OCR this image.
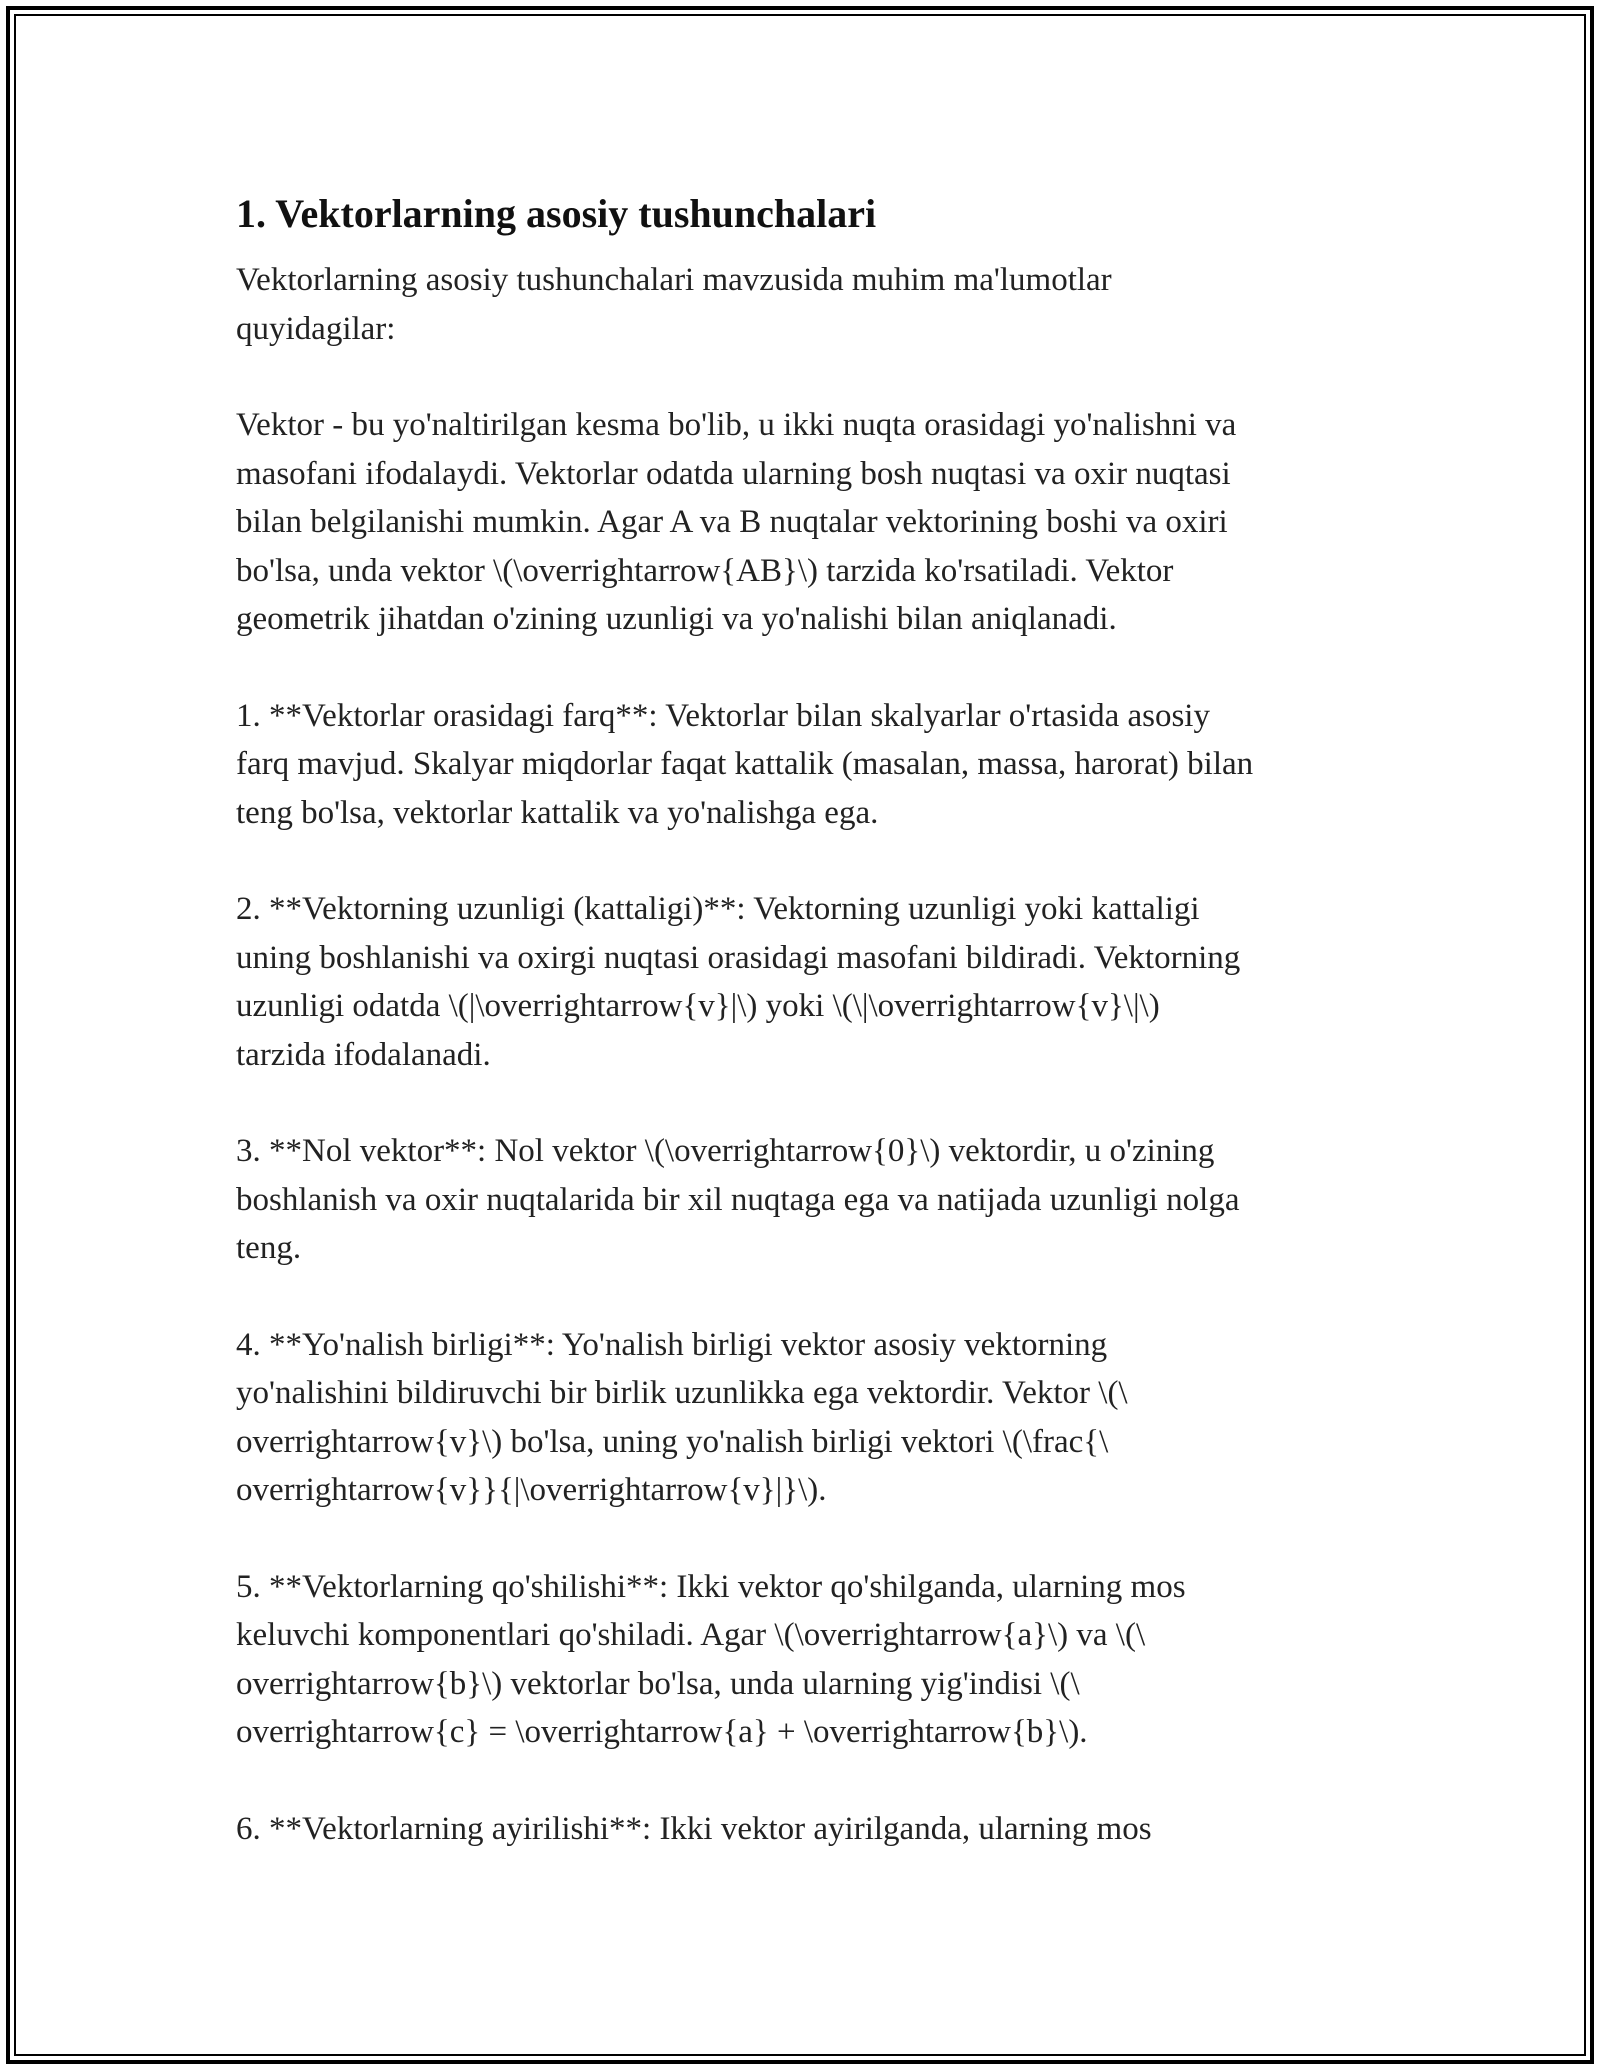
1. Vektorlarning asosiy tushunchalari

Vektorlarning asosiy tushunchalari mavzusida muhim ma'lumotlar
quyidagilar:

Vektor - bu yo'naltirilgan kesma bo'lib, u ikki nuqta orasidagi yo'nalishni va
masofani ifodalaydi. Vektorlar odatda ularning bosh nuqtasi va oxir nuqtasi
bilan belgilanishi mumkin. Agar A va B nuqtalar vektorining boshi va oxiri
bo'lsa, unda vektor \(\overrightarrow{AB}\) tarzida ko'rsatiladi. Vektor
geometrik jihatdan o'zining uzunligi va yo'nalishi bilan aniqlanadi.

1. **Vektorlar orasidagi farq**: Vektorlar bilan skalyarlar o'rtasida asosiy
farq mavjud. Skalyar miqdorlar faqat kattalik (masalan, massa, harorat) bilan
teng bo'lsa, vektorlar kattalik va yo'nalishga ega.

2. **Vektorning uzunligi (kattaligi)**: Vektorning uzunligi yoki kattaligi
uning boshlanishi va oxirgi nuqtasi orasidagi masofani bildiradi. Vektorning
uzunligi odatda \(|\overrightarrow{v}|\) yoki \(\|\overrightarrow{v}\|\)
tarzida ifodalanadi.

3. **Nol vektor**: Nol vektor \(\overrightarrow{0}\) vektordir, u o'zining
boshlanish va oxir nuqtalarida bir xil nuqtaga ega va natijada uzunligi nolga
teng.

4. **Yo'nalish birligi**: Yo'nalish birligi vektor asosiy vektorning
yo'nalishini bildiruvchi bir birlik uzunlikka ega vektordir. Vektor \(\
overrightarrow{v}\) bo'lsa, uning yo'nalish birligi vektori \(\frac{\
overrightarrow{v}}{|\overrightarrow{v}|}\).

5. **Vektorlarning qo'shilishi**: Ikki vektor qo'shilganda, ularning mos
keluvchi komponentlari qo'shiladi. Agar \(\overrightarrow{a}\) va \(\
overrightarrow{b}\) vektorlar bo'lsa, unda ularning yig'indisi \(\
overrightarrow{c} = \overrightarrow{a} + \overrightarrow{b}\).

6. **Vektorlarning ayirilishi**: Ikki vektor ayirilganda, ularning mos
